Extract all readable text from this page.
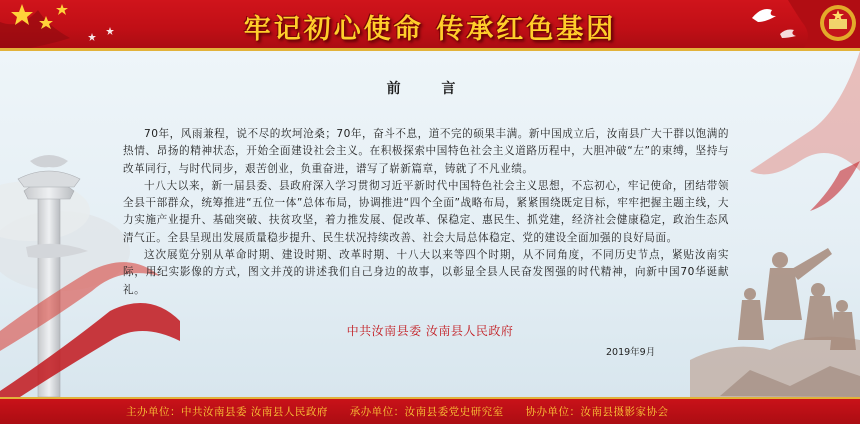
牢记初心使命 传承红色基因
前 言

70年，风雨兼程，说不尽的坎坷沧桑；70年，奋斗不息，道不完的硕果丰满。新中国成立后，汝南县广大干群以饱满的热情、昂扬的精神状态，开始全面建设社会主义。在积极探索中国特色社会主义道路历程中，大胆冲破“左”的束缚，坚持与改革同行，与时代同步，艰苦创业，负重奋进，谱写了崭新篇章，铸就了不凡业绩。

十八大以来，新一届县委、县政府深入学习贯彻习近平新时代中国特色社会主义思想，不忘初心，牢记使命，团结带领全县干部群众，统筹推进“五位一体”总体布局，协调推进“四个全面”战略布局，紧紧围绕既定目标，牢牢把握主题主线，大力实施产业提升、基础突破、扶贫攻坚，着力推发展、促改革、保稳定、惠民生、抓党建，经济社会健康稳定，政治生态风清气正。全县呈现出发展质量稳步提升、民生状况持续改善、社会大局总体稳定、党的建设全面加强的良好局面。

这次展览分别从革命时期、建设时期、改革时期、十八大以来等四个时期，从不同角度，不同历史节点，紧贴汝南实际，用纪实影像的方式，图文并茂的讲述我们自己身边的故事，以彰显全县人民奋发图强的时代精神，向新中国70华诞献礼。

中共汝南县委 汝南县人民政府
2019年9月
主办单位：中共汝南县委 汝南县人民政府 承办单位：汝南县委党史研究室 协办单位：汝南县摄影家协会
